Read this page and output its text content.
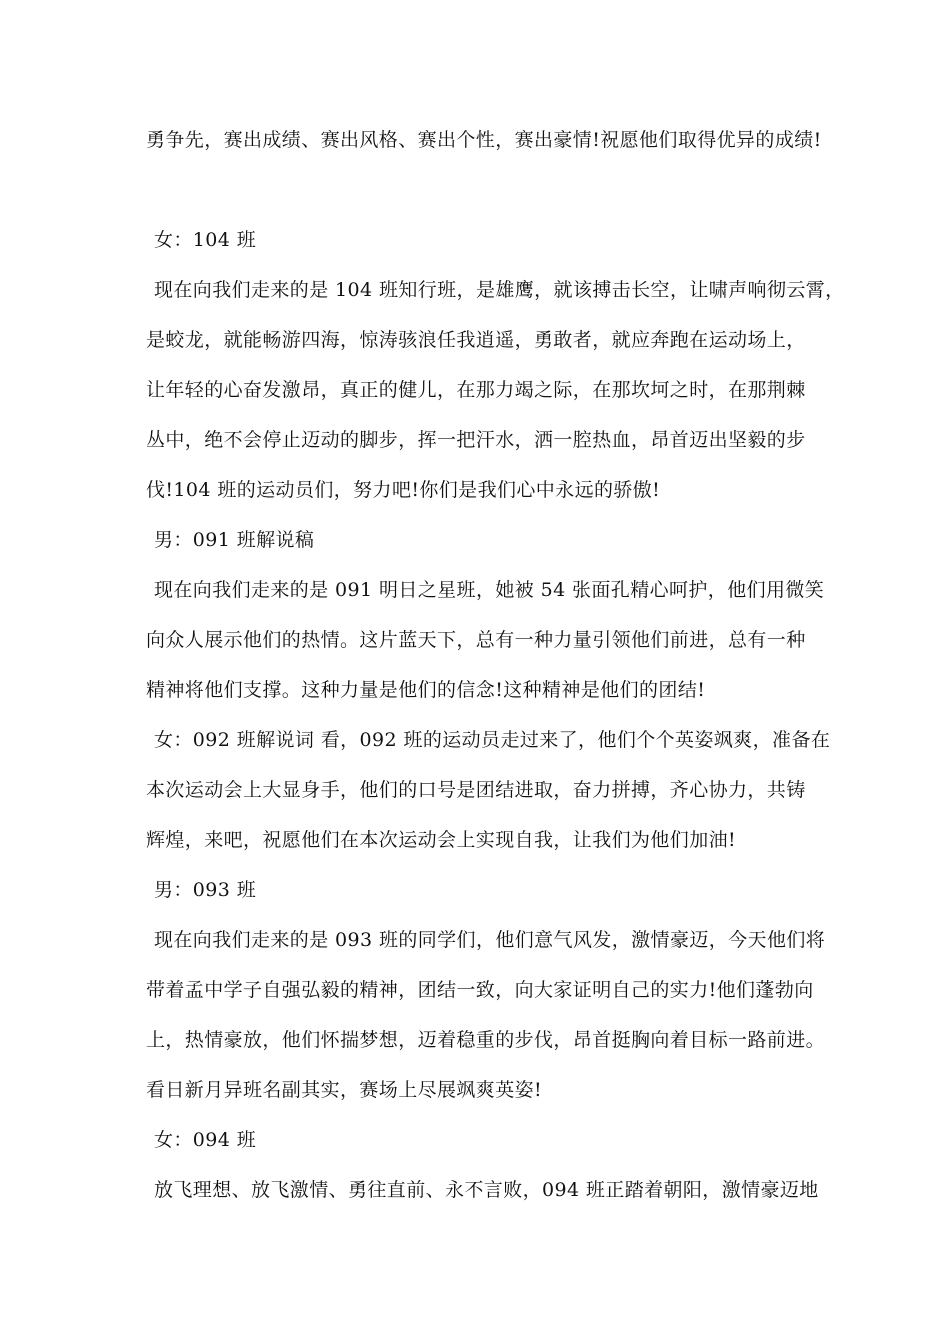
勇争先，赛出成绩、赛出风格、赛出个性，赛出豪情!祝愿他们取得优异的成绩!
女：104 班
现在向我们走来的是 104 班知行班，是雄鹰，就该搏击长空，让啸声响彻云霄，
是蛟龙，就能畅游四海，惊涛骇浪任我逍遥，勇敢者，就应奔跑在运动场上，
让年轻的心奋发激昂，真正的健儿，在那力竭之际，在那坎坷之时，在那荆棘
丛中，绝不会停止迈动的脚步，挥一把汗水，洒一腔热血，昂首迈出坚毅的步
伐!104 班的运动员们，努力吧!你们是我们心中永远的骄傲!
男：091 班解说稿
现在向我们走来的是 091 明日之星班，她被 54 张面孔精心呵护，他们用微笑
向众人展示他们的热情。这片蓝天下，总有一种力量引领他们前进，总有一种
精神将他们支撑。这种力量是他们的信念!这种精神是他们的团结!
女：092 班解说词 看，092 班的运动员走过来了，他们个个英姿飒爽，准备在
本次运动会上大显身手，他们的口号是团结进取，奋力拼搏，齐心协力，共铸
辉煌，来吧，祝愿他们在本次运动会上实现自我，让我们为他们加油!
男：093 班
现在向我们走来的是 093 班的同学们，他们意气风发，激情豪迈，今天他们将
带着孟中学子自强弘毅的精神，团结一致，向大家证明自己的实力!他们蓬勃向
上，热情豪放，他们怀揣梦想，迈着稳重的步伐，昂首挺胸向着目标一路前进。
看日新月异班名副其实，赛场上尽展飒爽英姿!
女：094 班
放飞理想、放飞激情、勇往直前、永不言败，094 班正踏着朝阳，激情豪迈地
